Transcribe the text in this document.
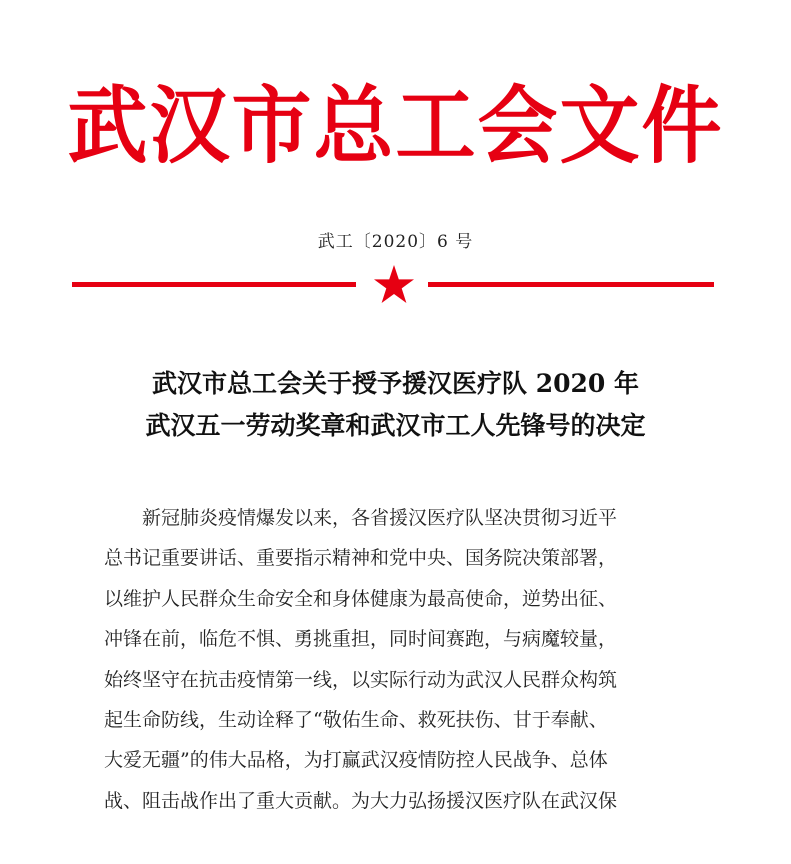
武汉市总工会文件
武工〔2020〕6 号
武汉市总工会关于授予援汉医疗队 2020 年
武汉五一劳动奖章和武汉市工人先锋号的决定
新冠肺炎疫情爆发以来，各省援汉医疗队坚决贯彻习近平
总书记重要讲话、重要指示精神和党中央、国务院决策部署，
以维护人民群众生命安全和身体健康为最高使命，逆势出征、
冲锋在前，临危不惧、勇挑重担，同时间赛跑，与病魔较量，
始终坚守在抗击疫情第一线，以实际行动为武汉人民群众构筑
起生命防线，生动诠释了“敬佑生命、救死扶伤、甘于奉献、
大爱无疆”的伟大品格，为打赢武汉疫情防控人民战争、总体
战、阻击战作出了重大贡献。为大力弘扬援汉医疗队在武汉保
